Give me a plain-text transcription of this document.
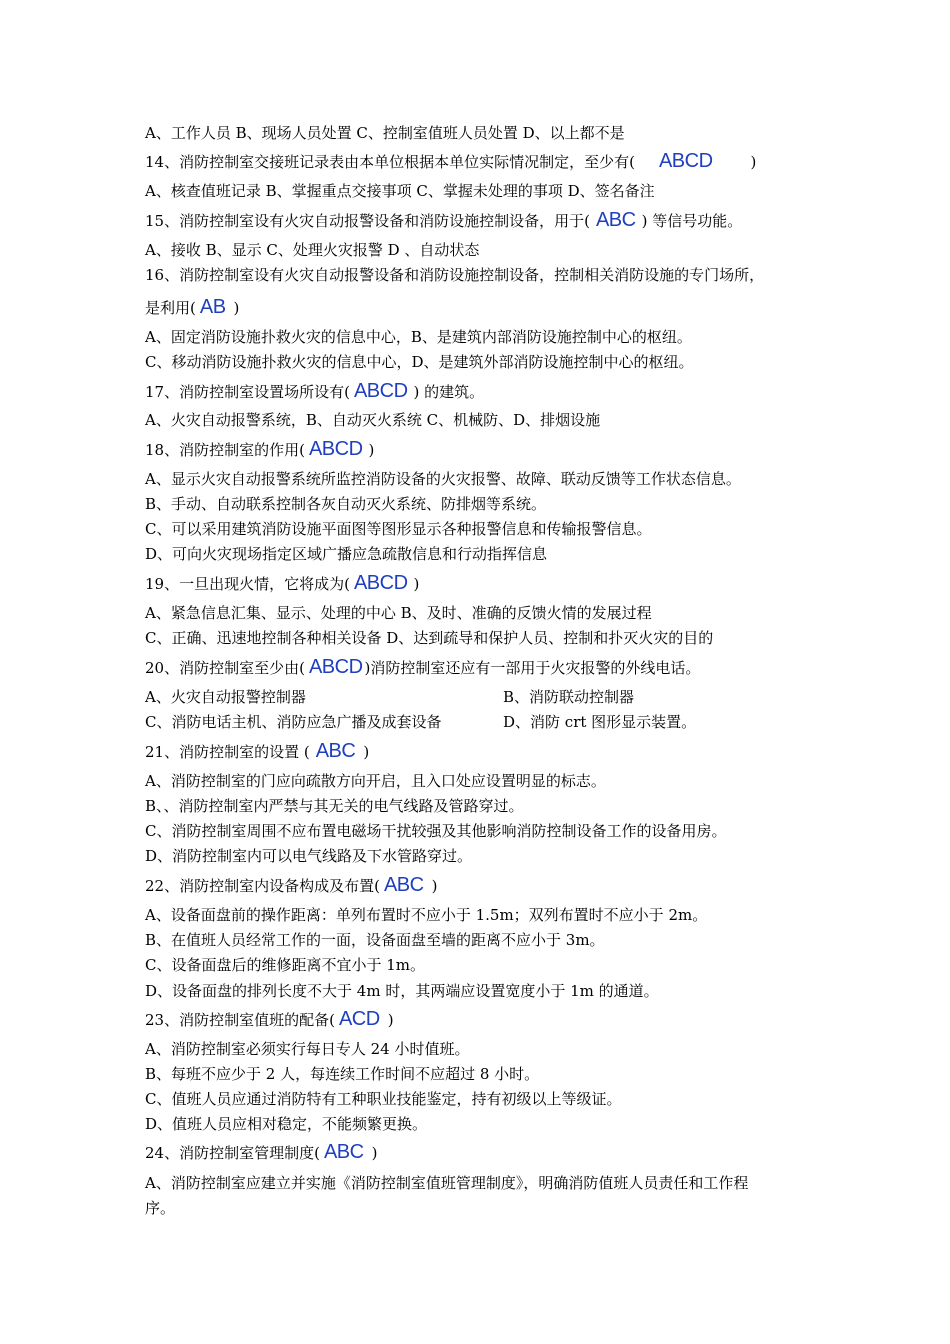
A、工作人员 B、现场人员处置 C、控制室值班人员处置 D、以上都不是
14、消防控制室交接班记录表由本单位根据本单位实际情况制定，至少有( ABCD	)
A、核查值班记录 B、掌握重点交接事项 C、掌握未处理的事项 D、签名备注
15、消防控制室设有火灾自动报警设备和消防设施控制设备，用于( ABC ) 等信号功能。
A、接收 B、显示 C、处理火灾报警 D 、自动状态
16、消防控制室设有火灾自动报警设备和消防设施控制设备，控制相关消防设施的专门场所，
是利用( AB )
A、固定消防设施扑救火灾的信息中心，B、是建筑内部消防设施控制中心的枢纽。
C、移动消防设施扑救火灾的信息中心，D、是建筑外部消防设施控制中心的枢纽。
17、消防控制室设置场所设有( ABCD ) 的建筑。
A、火灾自动报警系统，B、自动灭火系统 C、机械防、D、排烟设施
18、消防控制室的作用( ABCD )
A、显示火灾自动报警系统所监控消防设备的火灾报警、故障、联动反馈等工作状态信息。
B、手动、自动联系控制各灰自动灭火系统、防排烟等系统。
C、可以采用建筑消防设施平面图等图形显示各种报警信息和传输报警信息。
D、可向火灾现场指定区域广播应急疏散信息和行动指挥信息
19、一旦出现火情，它将成为( ABCD )
A、紧急信息汇集、显示、处理的中心 B、及时、准确的反馈火情的发展过程
C、正确、迅速地控制各种相关设备 D、达到疏导和保护人员、控制和扑灭火灾的目的
20、消防控制室至少由( ABCD )消防控制室还应有一部用于火灾报警的外线电话。
A、火灾自动报警控制器	B、消防联动控制器
C、消防电话主机、消防应急广播及成套设备	D、消防 crt 图形显示装置。
21、消防控制室的设置 ( ABC )
A、消防控制室的门应向疏散方向开启，且入口处应设置明显的标志。
B、、消防控制室内严禁与其无关的电气线路及管路穿过。
C、消防控制室周围不应布置电磁场干扰较强及其他影响消防控制设备工作的设备用房。
D、消防控制室内可以电气线路及下水管路穿过。
22、消防控制室内设备构成及布置( ABC )
A、设备面盘前的操作距离：单列布置时不应小于 1.5m；双列布置时不应小于 2m。
B、在值班人员经常工作的一面，设备面盘至墙的距离不应小于 3m。
C、设备面盘后的维修距离不宜小于 1m。
D、设备面盘的排列长度不大于 4m 时，其两端应设置宽度小于 1m 的通道。
23、消防控制室值班的配备( ACD )
A、消防控制室必须实行每日专人 24 小时值班。
B、每班不应少于 2 人，每连续工作时间不应超过 8 小时。
C、值班人员应通过消防特有工种职业技能鉴定，持有初级以上等级证。
D、值班人员应相对稳定，不能频繁更换。
24、消防控制室管理制度( ABC )
A、消防控制室应建立并实施《消防控制室值班管理制度》，明确消防值班人员责任和工作程
序。
